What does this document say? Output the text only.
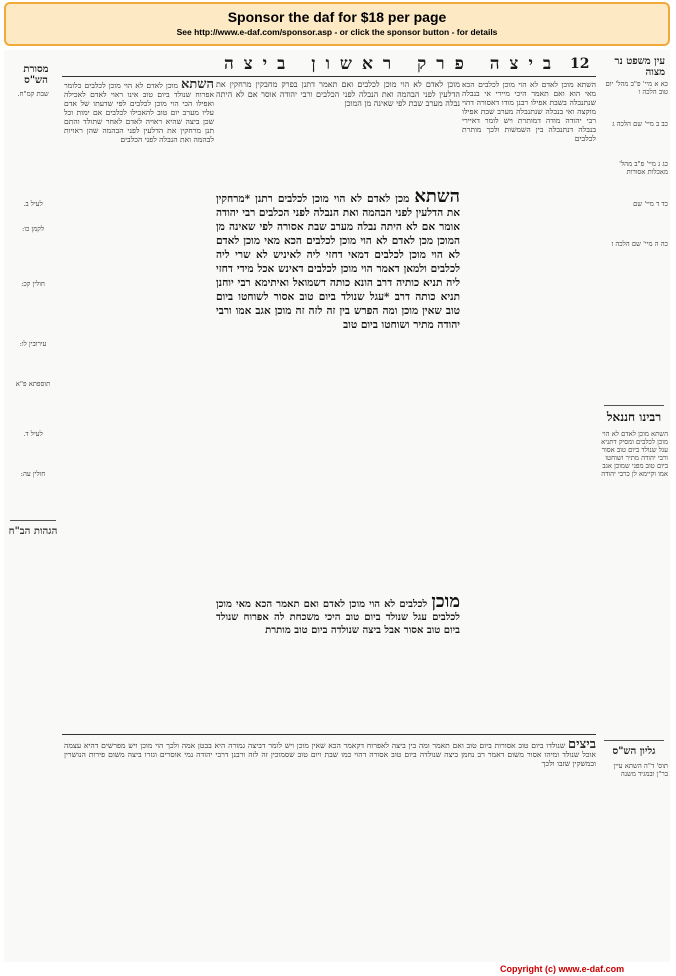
Sponsor the daf for $18 per page
See http://www.e-daf.com/sponsor.asp - or click the sponsor button - for details
מסורת הש"ס
ביצה פרק ראשון ביצה 12	עין משפט נר מצוה
שבת קמ"ח.
לעיל ב.
לקמן כו:
חולין קכ:
עירובין לו:
תוספתא פ"א
לעיל ד.
חולין עה:
הגהות הב"ח
כא א מיי' פ"ב מהל' יום טוב הלכה ו
כב ב מיי' שם הלכה ג
כג ג מיי' פ"ב מהל' מאכלות אסורות
כד ד מיי' שם
כה ה מיי' שם הלכה ז
רבינו חננאל
השתא מוכן לאדם לא הוי מוכן לכלבים ומסיק דתניא עגל שנולד ביום טוב אסור ורבי יהודה מתיר ושוחטו ביום טוב מפני שמוכן אגב אמו וקיימא לן כרבי יהודה
גליון הש"ס
תוס' ד"ה השתא עיין בר"ן ובמגיד משנה
מוכן לאדם לא הוי מוכן לכלבים ואם תאמר דתנן בפרק מחבקין מרחקין את הדלעין לפני הבהמה ואת הנבלה לפני הכלבים ורבי יהודה אוסר אם לא היתה נבלה מערב שבת לפי שאינה מן המוכן
השתא מוכן לאדם לא הוי מוכן לכלבים כלומר אפרוח שנולד ביום טוב אינו ראוי לאדם לאכילה ואפילו הכי הוי מוכן לכלבים לפי שדעתו של אדם עליו מערב יום טוב להאכילו לכלבים אם ימות וכל שכן ביצה שהיא ראויה לאדם לאחר שתולד והתם תנן מרחקין את הדלעין לפני הבהמה שהן ראויות לבהמה ואת הנבלה לפני הכלבים
השתא מוכן לאדם לא הוי מוכן לכלבים הכא מאי הוא ואם תאמר היכי מיירי אי בנבלה שנתנבלה בשבת אפילו רבנן מודו דאסורה דהוי מוקצה ואי בנבלה שנתנבלה מערב שבת אפילו רבי יהודה מודה דמותרת ויש לומר דאיירי בנבלה דנתנבלה בין השמשות ולכך מותרת לכלבים
השתא מכן לאדם לא הוי מוכן לכלבים רתנן *מרחקין את הדלעין לפני הבהמה ואת הנבלה לפני הכלבים רבי יהודה אומר אם לא היתה נבלה מערב שבת אסורה לפי שאינה מן המוכן מכן לאדם לא הוי מוכן לכלבים הכא מאי מוכן לאדם לא הוי מוכן לכלבים דמאי דחזי ליה לאיניש לא שרי ליה לכלבים ולמאן דאמר הוי מוכן לכלבים דאינש אכל מידי דחזי ליה תניא כותיה דרב הונא כותה דשמואל ואיתימא רבי יוחנן תניא כותה דרב *עגל שנולד ביום טוב אסור לשוחטו ביום טוב שאין מוכן ומה הפרש בין זה לזה זה מוכן אגב אמו ורבי יהודה מתיר ושוחטו ביום טוב
מוכן לכלבים לא הוי מוכן לאדם ואם תאמר הכא מאי מוכן לכלבים עגל שנולד ביום טוב היכי משכחת לה אפרוח שנולד ביום טוב אסור אבל ביצה שנולדה ביום טוב מותרת
ביצים שנולדו ביום טוב אסורות ביום טוב ואם תאמר ומה בין ביצה לאפרוח דקאמר הכא שאין מוכן ויש לומר דביצה גמורה היא בבטן אמה ולכך הוי מוכן ויש מפרשים דהיא עצמה אוכל שנולד ומיהו אסור משום דאמר רב נחמן ביצה שנולדה ביום טוב אסורה דהוי כמו שבת ויום טוב שסמוכין זה לזה ורבנן דרבי יהודה נמי אוסרים וגזרו ביצה משום פירות הנושרין ובמשקין שזבו ולכך
Copyright (c) www.e-daf.com
